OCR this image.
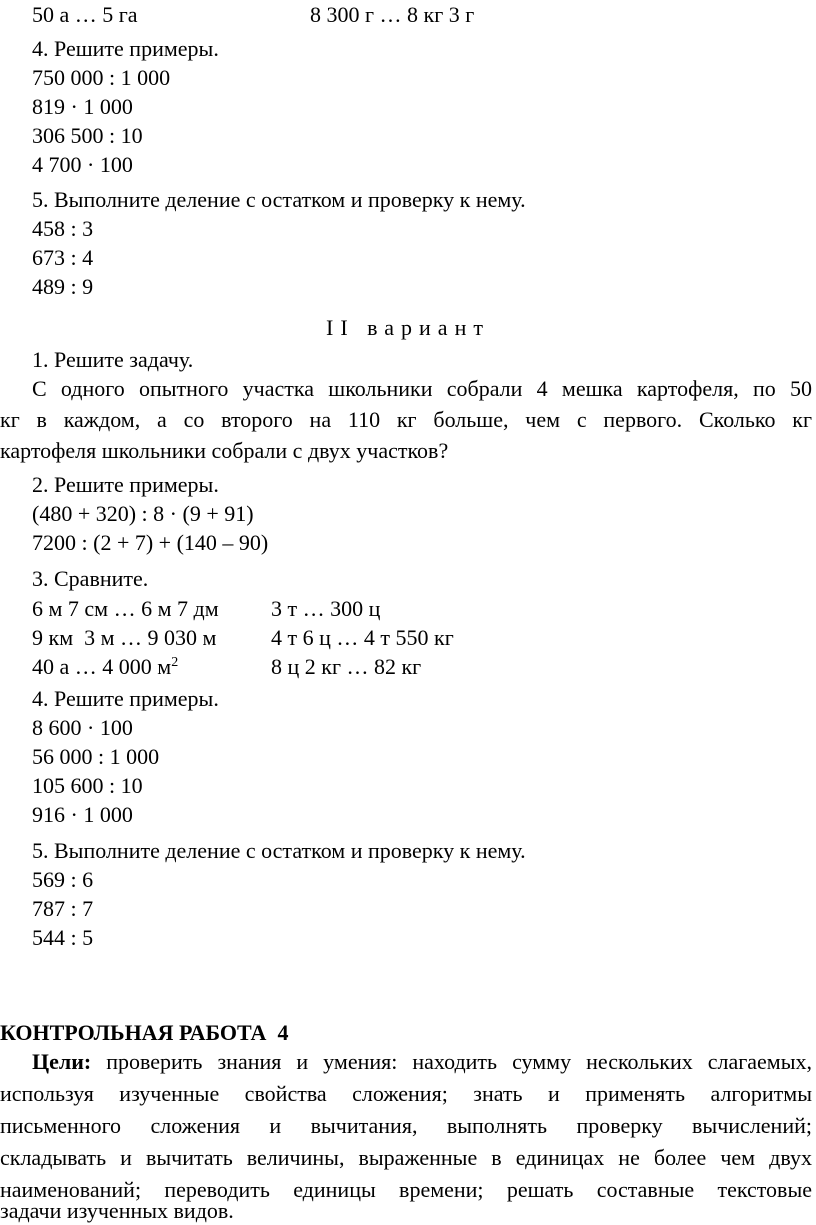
50 а … 5 га	8 300 г … 8 кг 3 г
4. Решите примеры.
750 000 : 1 000
819 · 1 000
306 500 : 10
4 700 · 100
5. Выполните деление с остатком и проверку к нему.
458 : 3
673 : 4
489 : 9
II вариант
1. Решите задачу.
С одного опытного участка школьники собрали 4 мешка картофеля, по 50
кг в каждом, а со второго на 110 кг больше, чем с первого. Сколько кг
картофеля школьники собрали с двух участков?
2. Решите примеры.
(480 + 320) : 8 · (9 + 91)
7200 : (2 + 7) + (140 – 90)
3. Сравните.
6 м 7 см … 6 м 7 дм 3 т … 300 ц
9 км  3 м … 9 030 м 4 т 6 ц … 4 т 550 кг
40 а … 4 000 $м^2$	8 ц 2 кг … 82 кг
4. Решите примеры.
8 600 · 100
56 000 : 1 000
105 600 : 10
916 · 1 000
5. Выполните деление с остатком и проверку к нему.
569 : 6
787 : 7
544 : 5
КОНТРОЛЬНАЯ РАБОТА  4
Цели: проверить знания и умения: находить сумму нескольких слагаемых,
используя изученные свойства сложения; знать и применять алгоритмы
письменного сложения и вычитания, выполнять проверку вычислений;
складывать и вычитать величины, выраженные в единицах не более чем двух
наименований; переводить единицы времени; решать составные текстовые
задачи изученных видов.
